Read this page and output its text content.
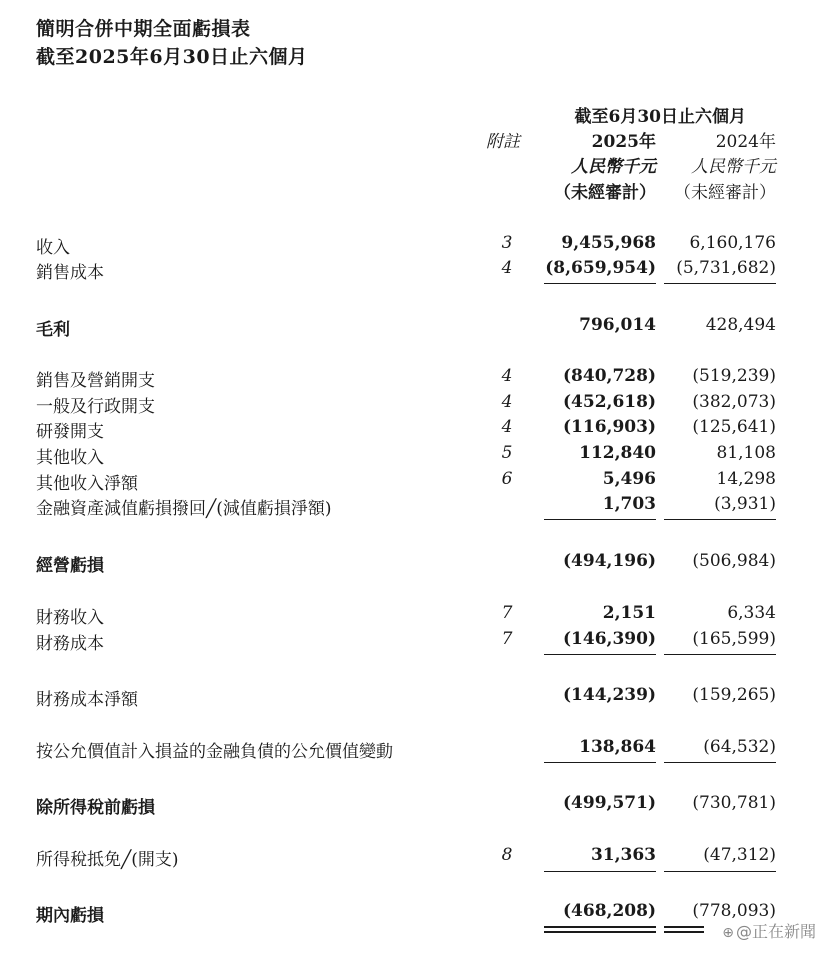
簡明合併中期全面虧損表
截至2025年6月30日止六個月
截至6月30日止六個月
附註	2025年	2024年
人民幣千元 人民幣千元
（未經審計） （未經審計）
收入	3	9,455,968 6,160,176
銷售成本	4 (8,659,954) (5,731,682)
毛利	796,014	428,494
銷售及營銷開支	4	(840,728) (519,239)
一般及行政開支	4	(452,618) (382,073)
研發開支	4	(116,903) (125,641)
其他收入	5	112,840	81,108
其他收入淨額	6	5,496	14,298
金融資產減值虧損撥回╱(減值虧損淨額)	1,703	(3,931)
經營虧損	(494,196) (506,984)
財務收入	7	2,151	6,334
財務成本	7	(146,390) (165,599)
財務成本淨額	(144,239) (159,265)
按公允價值計入損益的金融負債的公允價值變動	138,864	(64,532)
除所得稅前虧損	(499,571) (730,781)
所得稅抵免╱(開支)	8	31,363	(47,312)
期內虧損	(468,208) (778,093)
⊕ @正在新聞
